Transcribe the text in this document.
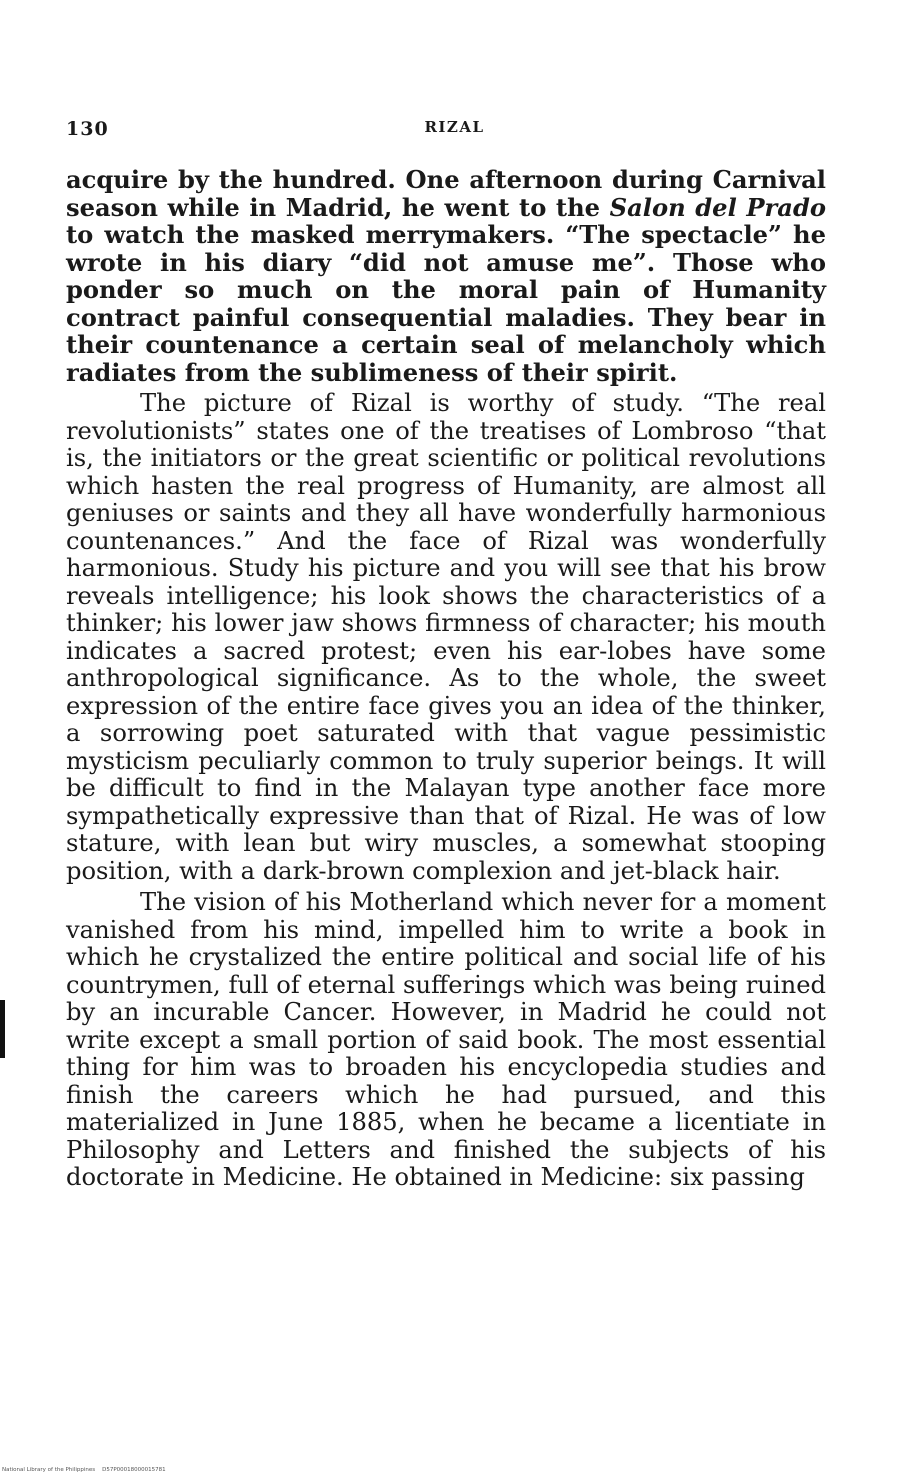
130	RIZAL

acquire by the hundred. One afternoon during Carnival season while in Madrid, he went to the Salon del Prado to watch the masked merrymakers. “The spectacle” he wrote in his diary “did not amuse me”. Those who ponder so much on the moral pain of Humanity contract painful consequential maladies. They bear in their countenance a certain seal of melancholy which radiates from the sublimeness of their spirit.

The picture of Rizal is worthy of study. “The real revolutionists” states one of the treatises of Lombroso “that is, the initiators or the great scientific or political revolutions which hasten the real progress of Humanity, are almost all geniuses or saints and they all have wonderfully harmonious countenances.” And the face of Rizal was wonderfully harmonious. Study his picture and you will see that his brow reveals intelligence; his look shows the characteristics of a thinker; his lower jaw shows firmness of character; his mouth indicates a sacred protest; even his ear-lobes have some anthropological significance. As to the whole, the sweet expression of the entire face gives you an idea of the thinker, a sorrowing poet saturated with that vague pessimistic mysticism peculiarly common to truly superior beings. It will be difficult to find in the Malayan type another face more sympathetically expressive than that of Rizal. He was of low stature, with lean but wiry muscles, a somewhat stooping position, with a dark-brown complexion and jet-black hair.

The vision of his Motherland which never for a moment vanished from his mind, impelled him to write a book in which he crystalized the entire political and social life of his countrymen, full of eternal sufferings which was being ruined by an incurable Cancer. However, in Madrid he could not write except a small portion of said book. The most essential thing for him was to broaden his encyclopedia studies and finish the careers which he had pursued, and this materialized in June 1885, when he became a licentiate in Philosophy and Letters and finished the subjects of his doctorate in Medicine. He obtained in Medicine: six passing

National Library of the Philippines D57P00018000015781
